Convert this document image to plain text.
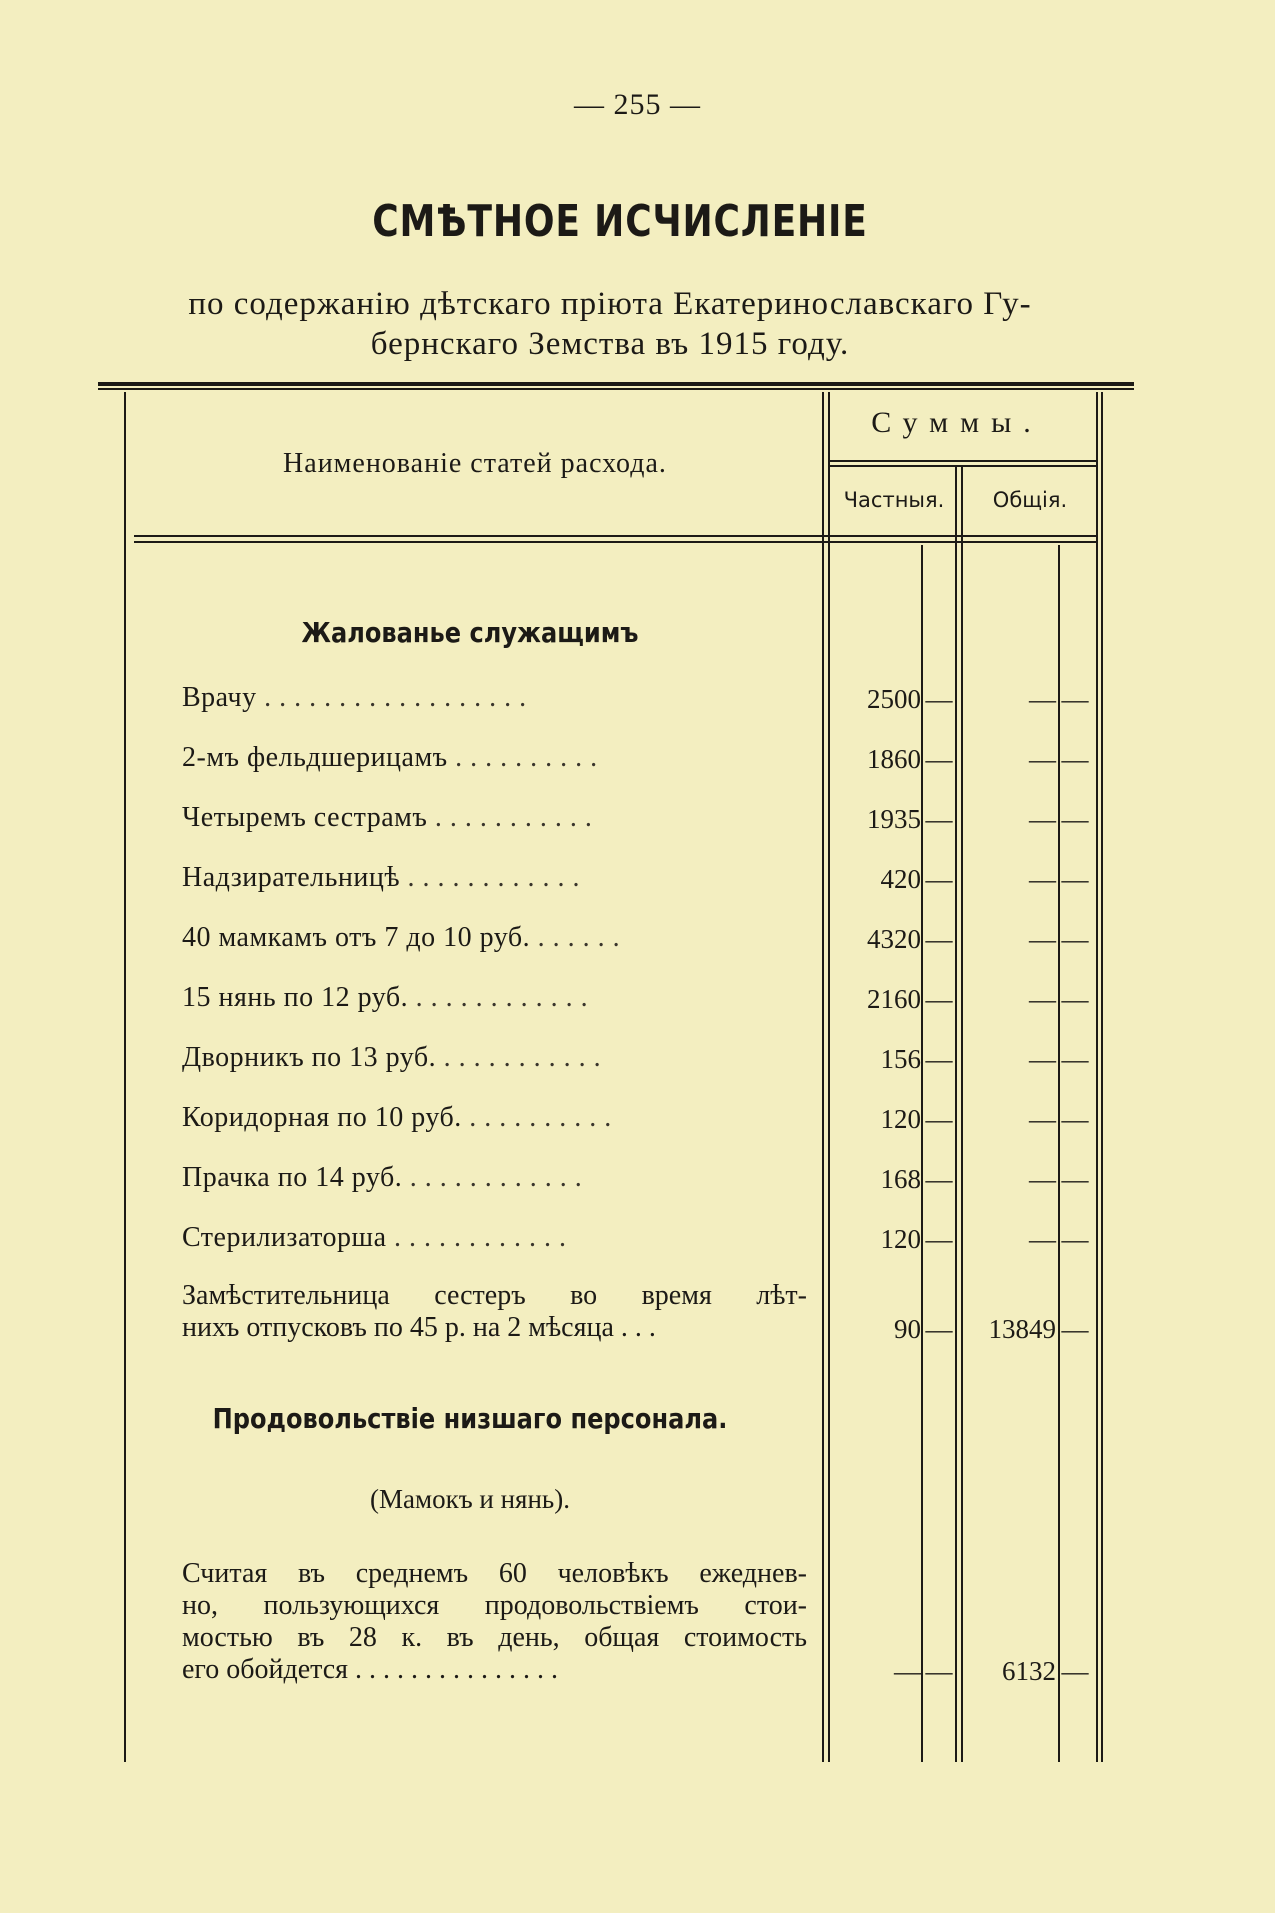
— 255 —
СМѢТНОЕ ИСЧИСЛЕНІЕ
по содержанію дѣтскаго пріюта Екатеринославскаго Гу-
бернскаго Земства въ 1915 году.
Наименованіе статей расхода.
Суммы.
Частныя.	Общія.
Жалованье служащимъ
Врачу . . . . . . . . . . . . . . . . . .	2500 —	— —
2-мъ фельдшерицамъ . . . . . . . . . .	1860 —	— —
Четыремъ сестрамъ . . . . . . . . . . .	1935 —	— —
Надзирательницѣ . . . . . . . . . . . .	420 —	— —
40 мамкамъ отъ 7 до 10 руб. . . . . . .	4320 —	— —
15 нянь по 12 руб. . . . . . . . . . . . .	2160 —	— —
Дворникъ по 13 руб. . . . . . . . . . . .	156 —	— —
Коридорная по 10 руб. . . . . . . . . . .	120 —	— —
Прачка по 14 руб. . . . . . . . . . . . .	168 —	— —
Стерилизаторша . . . . . . . . . . . .	120 —	— —
Замѣстительница сестеръ во время лѣт-
нихъ отпусковъ по 45 р. на 2 мѣсяца . . .	90 —	13849 —
Продовольствіе низшаго персонала.
(Мамокъ и нянь).
Считая въ среднемъ 60 человѣкъ ежеднев-
но, пользующихся продовольствіемъ стои-
мостью въ 28 к. въ день, общая стоимость
его обойдется . . . . . . . . . . . . . . .	— —	6132 —
